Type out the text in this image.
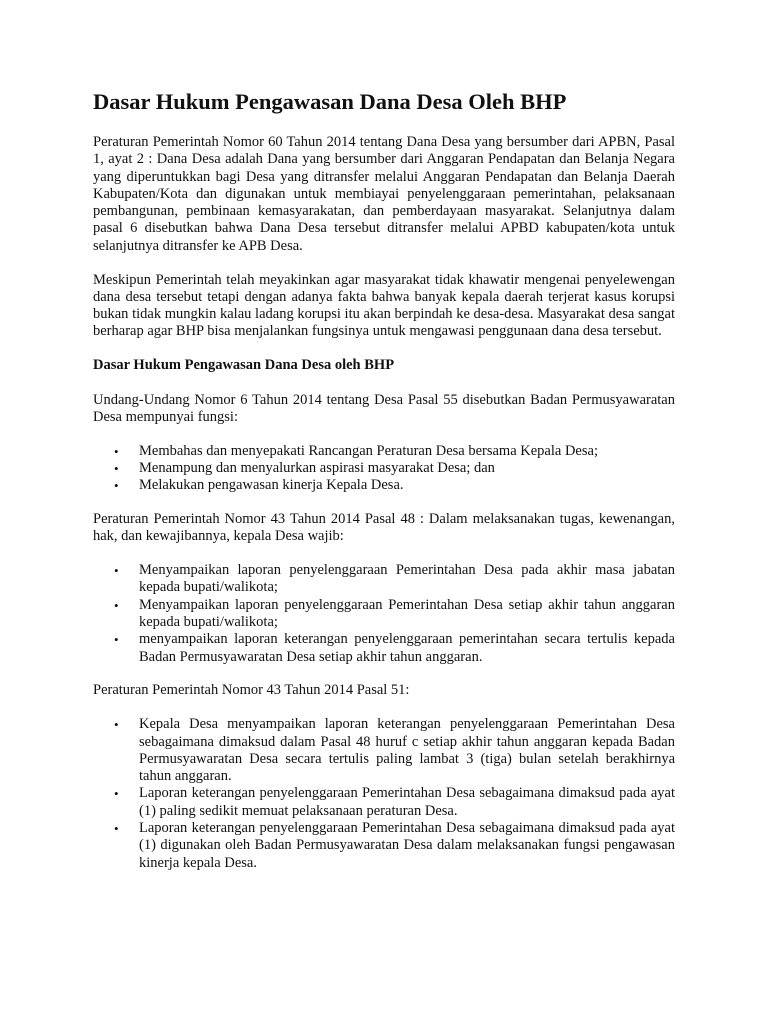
Dasar Hukum Pengawasan Dana Desa Oleh BHP

Peraturan Pemerintah Nomor 60 Tahun 2014 tentang Dana Desa yang bersumber dari APBN, Pasal 1, ayat 2 : Dana Desa adalah Dana yang bersumber dari Anggaran Pendapatan dan Belanja Negara yang diperuntukkan bagi Desa yang ditransfer melalui Anggaran Pendapatan dan Belanja Daerah Kabupaten/Kota dan digunakan untuk membiayai penyelenggaraan pemerintahan, pelaksanaan pembangunan, pembinaan kemasyarakatan, dan pemberdayaan masyarakat. Selanjutnya dalam pasal 6 disebutkan bahwa Dana Desa tersebut ditransfer melalui APBD kabupaten/kota untuk selanjutnya ditransfer ke APB Desa.

Meskipun Pemerintah telah meyakinkan agar masyarakat tidak khawatir mengenai penyelewengan dana desa tersebut tetapi dengan adanya fakta bahwa banyak kepala daerah terjerat kasus korupsi bukan tidak mungkin kalau ladang korupsi itu akan berpindah ke desa-desa. Masyarakat desa sangat berharap agar BHP bisa menjalankan fungsinya untuk mengawasi penggunaan dana desa tersebut.

Dasar Hukum Pengawasan Dana Desa oleh BHP

Undang-Undang Nomor 6 Tahun 2014 tentang Desa Pasal 55 disebutkan Badan Permusyawaratan Desa mempunyai fungsi:

• Membahas dan menyepakati Rancangan Peraturan Desa bersama Kepala Desa;
• Menampung dan menyalurkan aspirasi masyarakat Desa; dan
• Melakukan pengawasan kinerja Kepala Desa.

Peraturan Pemerintah Nomor 43 Tahun 2014 Pasal 48 : Dalam melaksanakan tugas, kewenangan, hak, dan kewajibannya, kepala Desa wajib:

• Menyampaikan laporan penyelenggaraan Pemerintahan Desa pada akhir masa jabatan kepada bupati/walikota;
• Menyampaikan laporan penyelenggaraan Pemerintahan Desa setiap akhir tahun anggaran kepada bupati/walikota;
• menyampaikan laporan keterangan penyelenggaraan pemerintahan secara tertulis kepada Badan Permusyawaratan Desa setiap akhir tahun anggaran.

Peraturan Pemerintah Nomor 43 Tahun 2014 Pasal 51:

• Kepala Desa menyampaikan laporan keterangan penyelenggaraan Pemerintahan Desa sebagaimana dimaksud dalam Pasal 48 huruf c setiap akhir tahun anggaran kepada Badan Permusyawaratan Desa secara tertulis paling lambat 3 (tiga) bulan setelah berakhirnya tahun anggaran.
• Laporan keterangan penyelenggaraan Pemerintahan Desa sebagaimana dimaksud pada ayat (1) paling sedikit memuat pelaksanaan peraturan Desa.
• Laporan keterangan penyelenggaraan Pemerintahan Desa sebagaimana dimaksud pada ayat (1) digunakan oleh Badan Permusyawaratan Desa dalam melaksanakan fungsi pengawasan kinerja kepala Desa.
